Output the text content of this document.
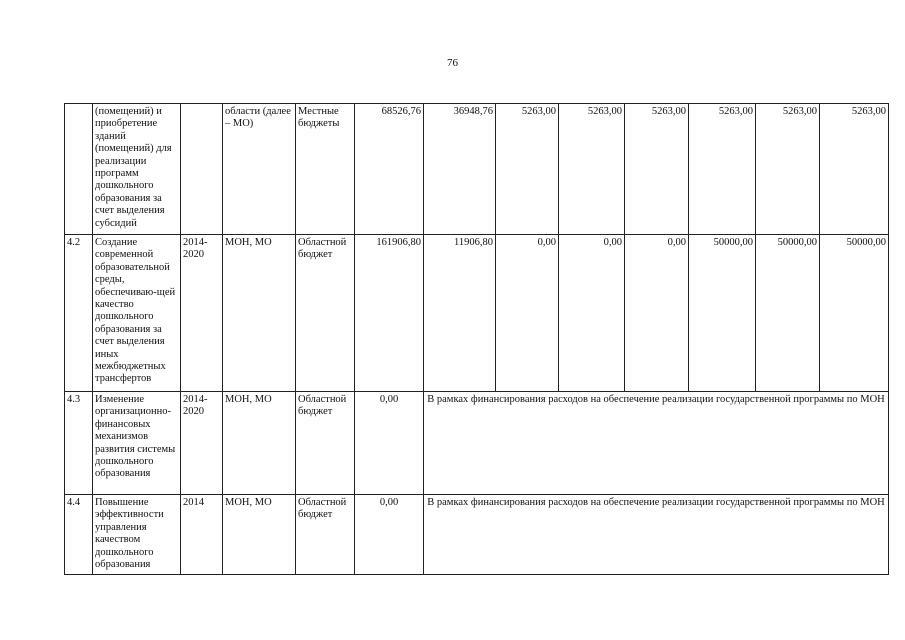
76
	(помещений) и приобретение зданий (помещений) для реализации программ дошкольного образования за счет выделения субсидий		области (далее – МО)	Местные бюджеты	68526,76	36948,76	5263,00	5263,00	5263,00	5263,00	5263,00	5263,00
4.2	Создание современной образовательной среды, обеспечиваю-щей качество дошкольного образования за счет выделения иных межбюджетных трансфертов	2014-2020	МОН, МО	Областной бюджет	161906,80	11906,80	0,00	0,00	0,00	50000,00	50000,00	50000,00
4.3	Изменение организационно-финансовых механизмов развития системы дошкольного образования	2014-2020	МОН, МО	Областной бюджет	0,00	В рамках финансирования расходов на обеспечение реализации государственной программы по МОН						
4.4	Повышение эффективности управления качеством дошкольного образования	2014	МОН, МО	Областной бюджет	0,00	В рамках финансирования расходов на обеспечение реализации государственной программы по МОН						
